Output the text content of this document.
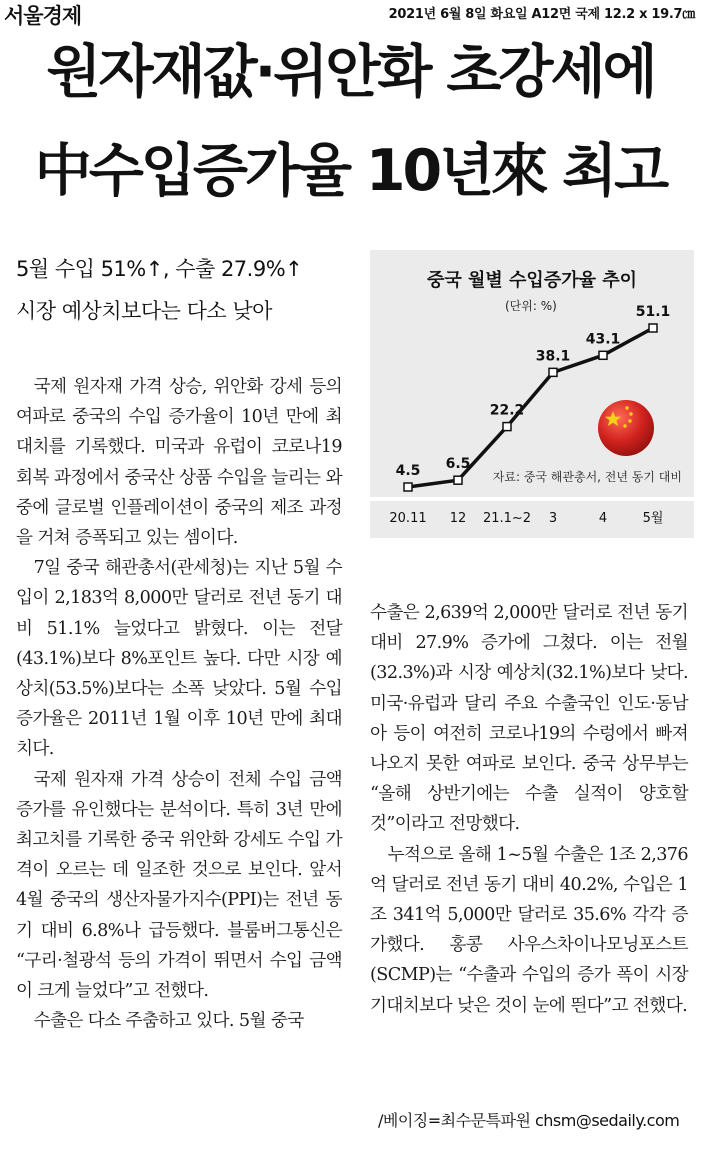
서울경제	2021년 6월 8일 화요일 A12면 국제 12.2 x 19.7㎝
원자재값·위안화 초강세에
中수입증가율 10년來 최고
5월 수입 51%↑, 수출 27.9%↑
시장 예상치보다는 다소 낮아
중국 월별 수입증가율 추이
(단위: %)
자료: 중국 해관총서, 전년 동기 대비
4.5 6.5
22.2
38.1
43.1
51.1
20.11 12 21.1~2 3	4	5월

국제 원자재 가격 상승, 위안화 강세 등의 여파로 중국의 수입 증가율이 10년 만에 최대치를 기록했다. 미국과 유럽이 코로나19 회복 과정에서 중국산 상품 수입을 늘리는 와중에 글로벌 인플레이션이 중국의 제조 과정을 거쳐 증폭되고 있는 셈이다.

7일 중국 해관총서(관세청)는 지난 5월 수입이 2,183억 8,000만 달러로 전년 동기 대비 51.1% 늘었다고 밝혔다. 이는 전달(43.1%)보다 8%포인트 높다. 다만 시장 예상치(53.5%)보다는 소폭 낮았다. 5월 수입 증가율은 2011년 1월 이후 10년 만에 최대치다.

국제 원자재 가격 상승이 전체 수입 금액 증가를 유인했다는 분석이다. 특히 3년 만에 최고치를 기록한 중국 위안화 강세도 수입 가격이 오르는 데 일조한 것으로 보인다. 앞서 4월 중국의 생산자물가지수(PPI)는 전년 동기 대비 6.8%나 급등했다. 블룸버그통신은 “구리·철광석 등의 가격이 뛰면서 수입 금액이 크게 늘었다”고 전했다.

수출은 다소 주춤하고 있다. 5월 중국

수출은 2,639억 2,000만 달러로 전년 동기 대비 27.9% 증가에 그쳤다. 이는 전월(32.3%)과 시장 예상치(32.1%)보다 낮다. 미국·유럽과 달리 주요 수출국인 인도·동남아 등이 여전히 코로나19의 수렁에서 빠져나오지 못한 여파로 보인다. 중국 상무부는 “올해 상반기에는 수출 실적이 양호할 것”이라고 전망했다.

누적으로 올해 1~5월 수출은 1조 2,376억 달러로 전년 동기 대비 40.2%, 수입은 1조 341억 5,000만 달러로 35.6% 각각 증가했다. 홍콩 사우스차이나모닝포스트(SCMP)는 “수출과 수입의 증가 폭이 시장 기대치보다 낮은 것이 눈에 띈다”고 전했다.

/베이징=최수문특파원 chsm@sedaily.com
